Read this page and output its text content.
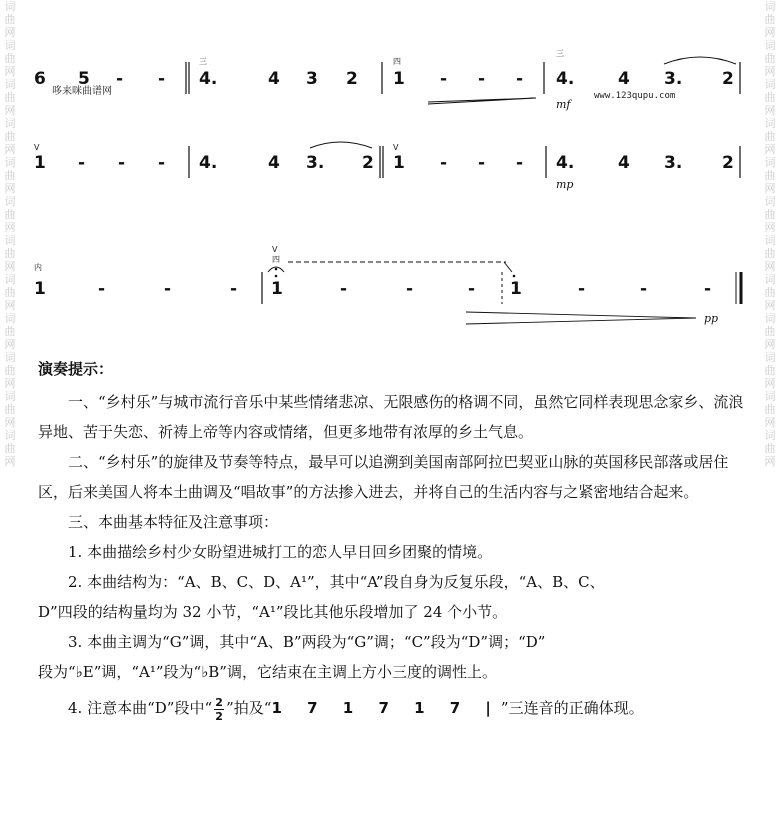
词曲网词曲网词曲网词曲网词曲网词曲网词曲网词曲网词曲网词曲网词曲网词曲网
词曲网词曲网词曲网词曲网词曲网词曲网词曲网词曲网词曲网词曲网词曲网词曲网
6 5 -
哆来咪曲谱网
-
三
4.	4 3 2
四
1 - - -
三
4.
mf
www.123qupu.com
4 3. 2
V
1 - - - 4.	4 3. 2
V
1 - - - 4.
mp
4 3. 2
内
1	-	-	-
V
四
1	-	-	- 1	-	-	-
pp

演奏提示：

一、“乡村乐”与城市流行音乐中某些情绪悲凉、无限感伤的格调不同，虽然它同样表现思念家乡、流浪异地、苦于失恋、祈祷上帝等内容或情绪，但更多地带有浓厚的乡土气息。

二、“乡村乐”的旋律及节奏等特点，最早可以追溯到美国南部阿拉巴契亚山脉的英国移民部落或居住区，后来美国人将本土曲调及“唱故事”的方法掺入进去，并将自己的生活内容与之紧密地结合起来。

三、本曲基本特征及注意事项：

1. 本曲描绘乡村少女盼望进城打工的恋人早日回乡团聚的情境。

2. 本曲结构为：“A、B、C、D、A¹”，其中“A”段自身为反复乐段，“A、B、C、

D”四段的结构量均为 32 小节，“A¹”段比其他乐段增加了 24 个小节。

3. 本曲主调为“G”调，其中“A、B”两段为“G”调；“C”段为“D”调；“D”

段为“♭E”调，“A¹”段为“♭B”调，它结束在主调上方小三度的调性上。

4. 注意本曲“D”段中“ $\frac{2}{2}$ ”拍及“1 7 1 7 1 7 |”三连音的正确体现。
